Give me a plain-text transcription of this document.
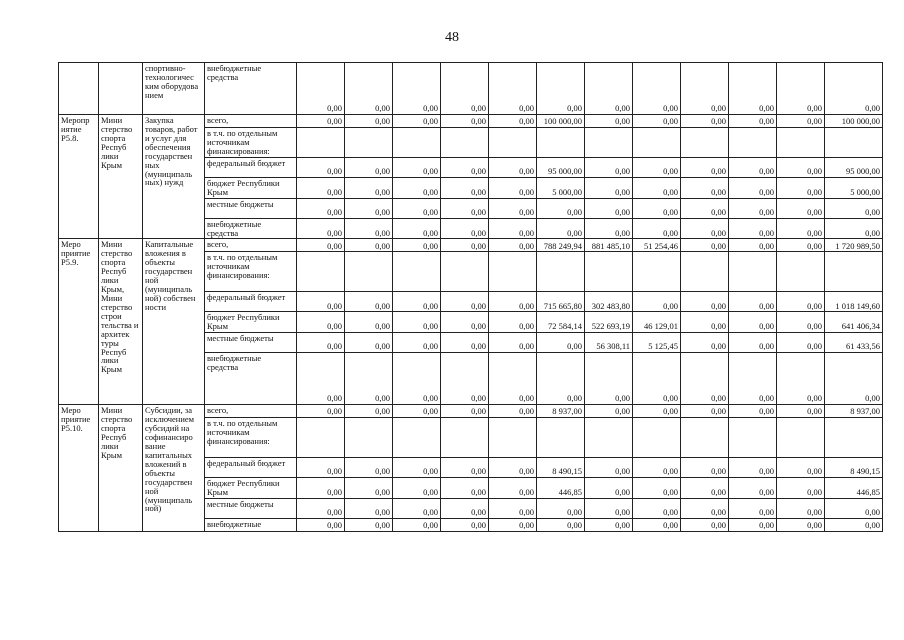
48
		спортивно-технологичес ким оборудова нием	внебюджетные средства	0,00	0,00	0,00	0,00	0,00	0,00	0,00	0,00	0,00	0,00	0,00	0,00
Меропр иятие Р5.8.	Мини стерство спорта Респуб лики Крым	Закупка товаров, работ и услуг для обеспечения государствен ных (муниципаль ных) нужд	всего,	0,00	0,00	0,00	0,00	0,00	100 000,00	0,00	0,00	0,00	0,00	0,00	100 000,00
			в т.ч. по отдельным источникам финансирования:												
			федеральный бюджет	0,00	0,00	0,00	0,00	0,00	95 000,00	0,00	0,00	0,00	0,00	0,00	95 000,00
			бюджет Республики Крым	0,00	0,00	0,00	0,00	0,00	5 000,00	0,00	0,00	0,00	0,00	0,00	5 000,00
			местные бюджеты	0,00	0,00	0,00	0,00	0,00	0,00	0,00	0,00	0,00	0,00	0,00	0,00
			внебюджетные средства	0,00	0,00	0,00	0,00	0,00	0,00	0,00	0,00	0,00	0,00	0,00	0,00
Меро приятие Р5.9.	Мини стерство спорта Респуб лики Крым, Мини стерство строи тельства и архитек туры Респуб лики Крым	Капитальные вложения в объекты государствен ной (муниципаль ной) собствен ности	всего,	0,00	0,00	0,00	0,00	0,00	788 249,94	881 485,10	51 254,46	0,00	0,00	0,00	1 720 989,50
			в т.ч. по отдельным источникам финансирования:												
			федеральный бюджет	0,00	0,00	0,00	0,00	0,00	715 665,80	302 483,80	0,00	0,00	0,00	0,00	1 018 149,60
			бюджет Республики Крым	0,00	0,00	0,00	0,00	0,00	72 584,14	522 693,19	46 129,01	0,00	0,00	0,00	641 406,34
			местные бюджеты	0,00	0,00	0,00	0,00	0,00	0,00	56 308,11	5 125,45	0,00	0,00	0,00	61 433,56
			внебюджетные средства	0,00	0,00	0,00	0,00	0,00	0,00	0,00	0,00	0,00	0,00	0,00	0,00
Меро приятие Р5.10.	Мини стерство спорта Респуб лики Крым	Субсидии, за исключением субсидий на софинансиро вание капитальных вложений в объекты государствен ной (муниципаль ной)	всего,	0,00	0,00	0,00	0,00	0,00	8 937,00	0,00	0,00	0,00	0,00	0,00	8 937,00
			в т.ч. по отдельным источникам финансирования:												
			федеральный бюджет	0,00	0,00	0,00	0,00	0,00	8 490,15	0,00	0,00	0,00	0,00	0,00	8 490,15
			бюджет Республики Крым	0,00	0,00	0,00	0,00	0,00	446,85	0,00	0,00	0,00	0,00	0,00	446,85
			местные бюджеты	0,00	0,00	0,00	0,00	0,00	0,00	0,00	0,00	0,00	0,00	0,00	0,00
			внебюджетные	0,00	0,00	0,00	0,00	0,00	0,00	0,00	0,00	0,00	0,00	0,00	0,00
